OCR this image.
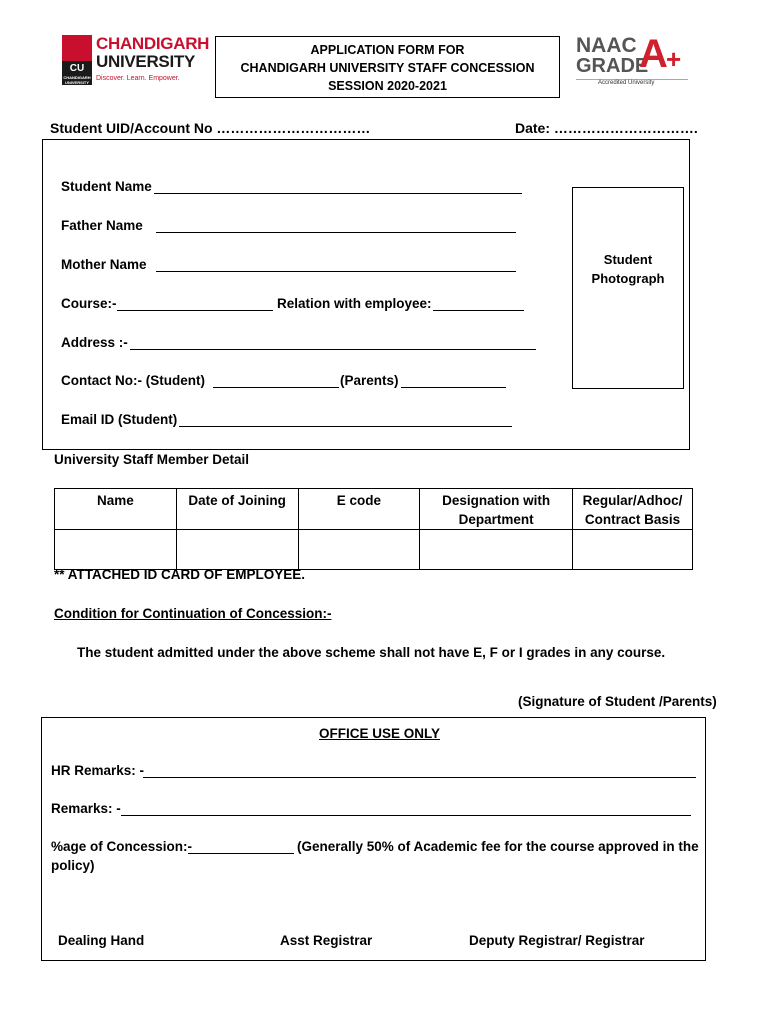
CU
CHANDIGARH UNIVERSITY
CHANDIGARH
UNIVERSITY
Discover. Learn. Empower.
APPLICATION FORM FOR
CHANDIGARH UNIVERSITY STAFF CONCESSION
SESSION 2020-2021
NAAC
GRADE
A
+
Accredited University
Student UID/Account No ……………………………	Date: ………………………….
Student Name
Father Name
Mother Name
Course:-	Relation with employee:
Address :-
Contact No:- (Student)	(Parents)
Email ID (Student)
Student
Photograph
University Staff Member Detail
Name	Date of Joining	E code	Designation with Department	Regular/Adhoc/ Contract Basis

** ATTACHED ID CARD OF EMPLOYEE.
Condition for Continuation of Concession:-
The student admitted under the above scheme shall not have E, F or I grades in any course.
(Signature of Student /Parents)
OFFICE USE ONLY
HR Remarks: -
Remarks: -
%age of Concession:-	(Generally 50% of Academic fee for the course approved in the
policy)
Dealing Hand	Asst Registrar	Deputy Registrar/ Registrar
